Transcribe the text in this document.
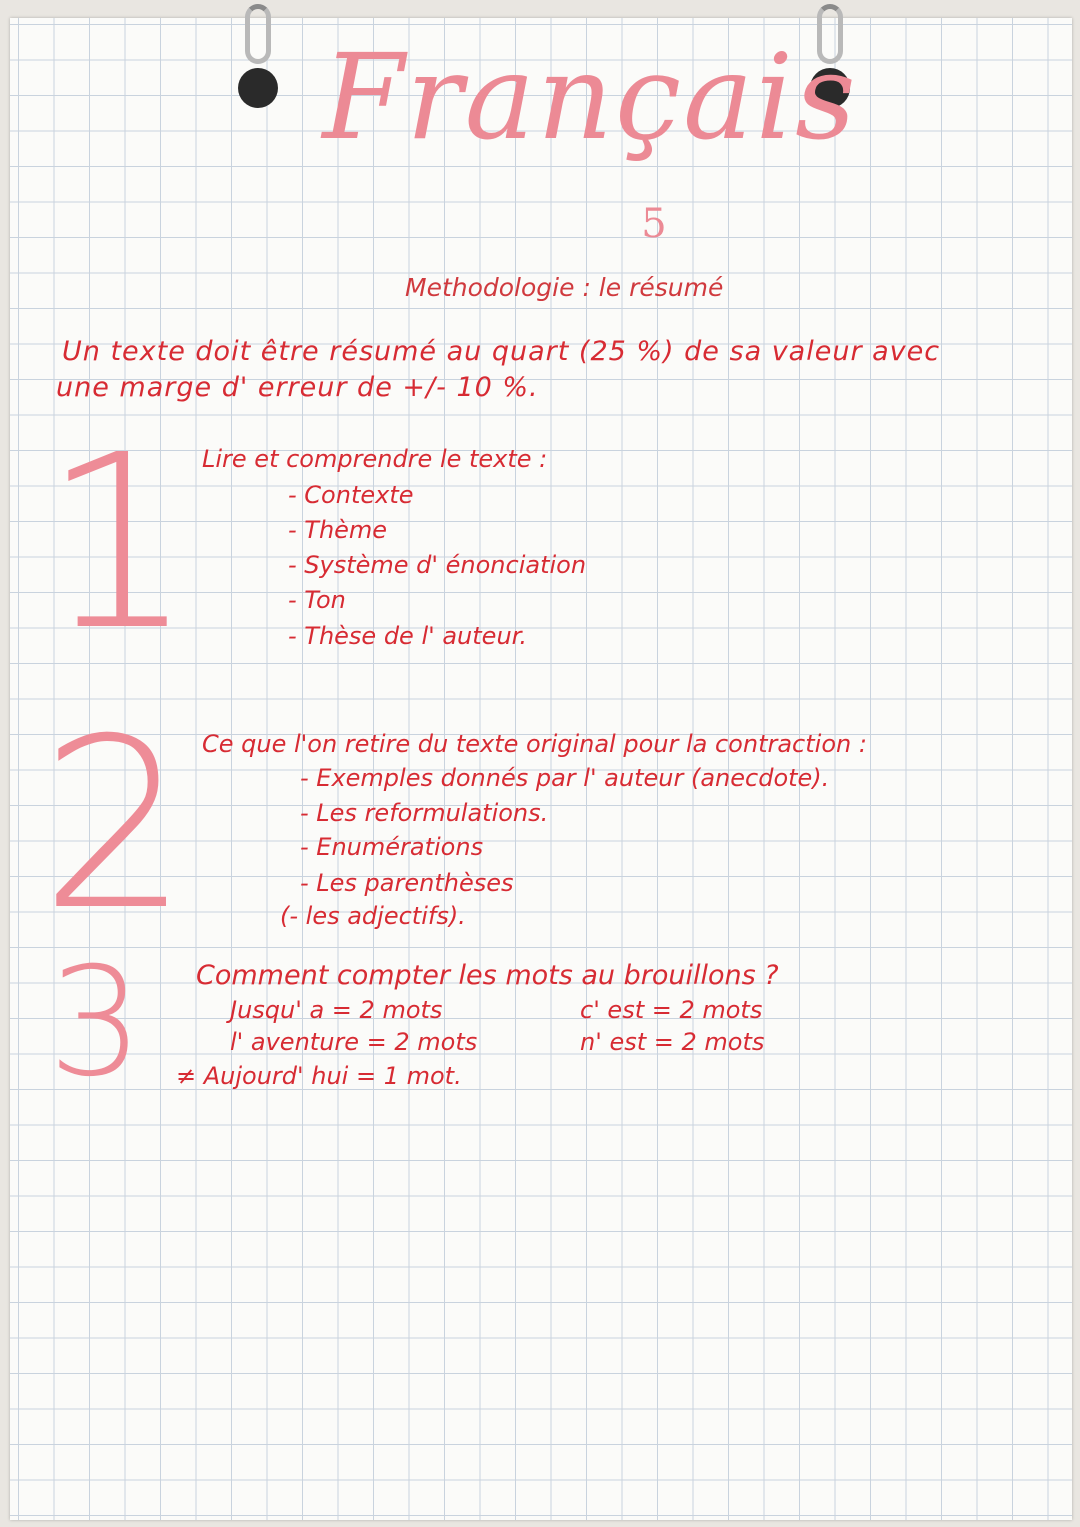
Français
5
Methodologie : le résumé
Un texte doit être résumé au quart (25 %) de sa valeur avec
une marge d' erreur de +/- 10 %.
1 Lire et comprendre le texte :
- Contexte
- Thème
- Système d' énonciation
- Ton
- Thèse de l' auteur.
2 Ce que l'on retire du texte original pour la contraction :
- Exemples donnés par l' auteur (anecdote).
- Les reformulations.
- Enumérations
- Les parenthèses
(- les adjectifs).
3 Comment compter les mots au brouillons ?
Jusqu' a = 2 mots
l' aventure = 2 mots
≠ Aujourd' hui = 1 mot.
c' est = 2 mots
n' est = 2 mots
